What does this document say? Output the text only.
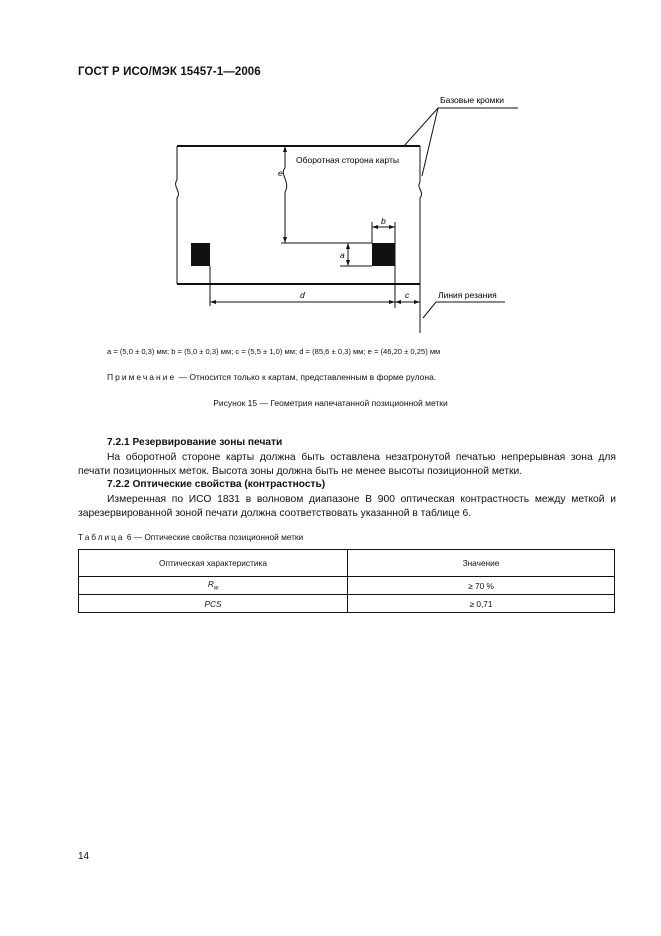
ГОСТ Р ИСО/МЭК 15457-1—2006
Базовые кромки
Оборотная сторона карты
Линия резания
e
b
a
d	c
a = (5,0 ± 0,3) мм; b = (5,0 ± 0,3) мм; c = (5,5 ± 1,0) мм; d = (85,6 ± 0,3) мм; e = (46,20 ± 0,25) мм
Примечание — Относится только к картам, представленным в форме рулона.
Рисунок 15 — Геометрия напечатанной позиционной метки
7.2.1 Резервирование зоны печати
На оборотной стороне карты должна быть оставлена незатронутой печатью непрерывная зона для печати позиционных меток. Высота зоны должна быть не менее высоты позиционной метки.
7.2.2 Оптические свойства (контрастность)
Измеренная по ИСО 1831 в волновом диапазоне В 900 оптическая контрастность между меткой и зарезервированной зоной печати должна соответствовать указанной в таблице 6.
Таблица 6 — Оптические свойства позиционной метки
Оптическая характеристика	Значение
$R_w$	≥ 70 %
PCS	≥ 0,71
14
